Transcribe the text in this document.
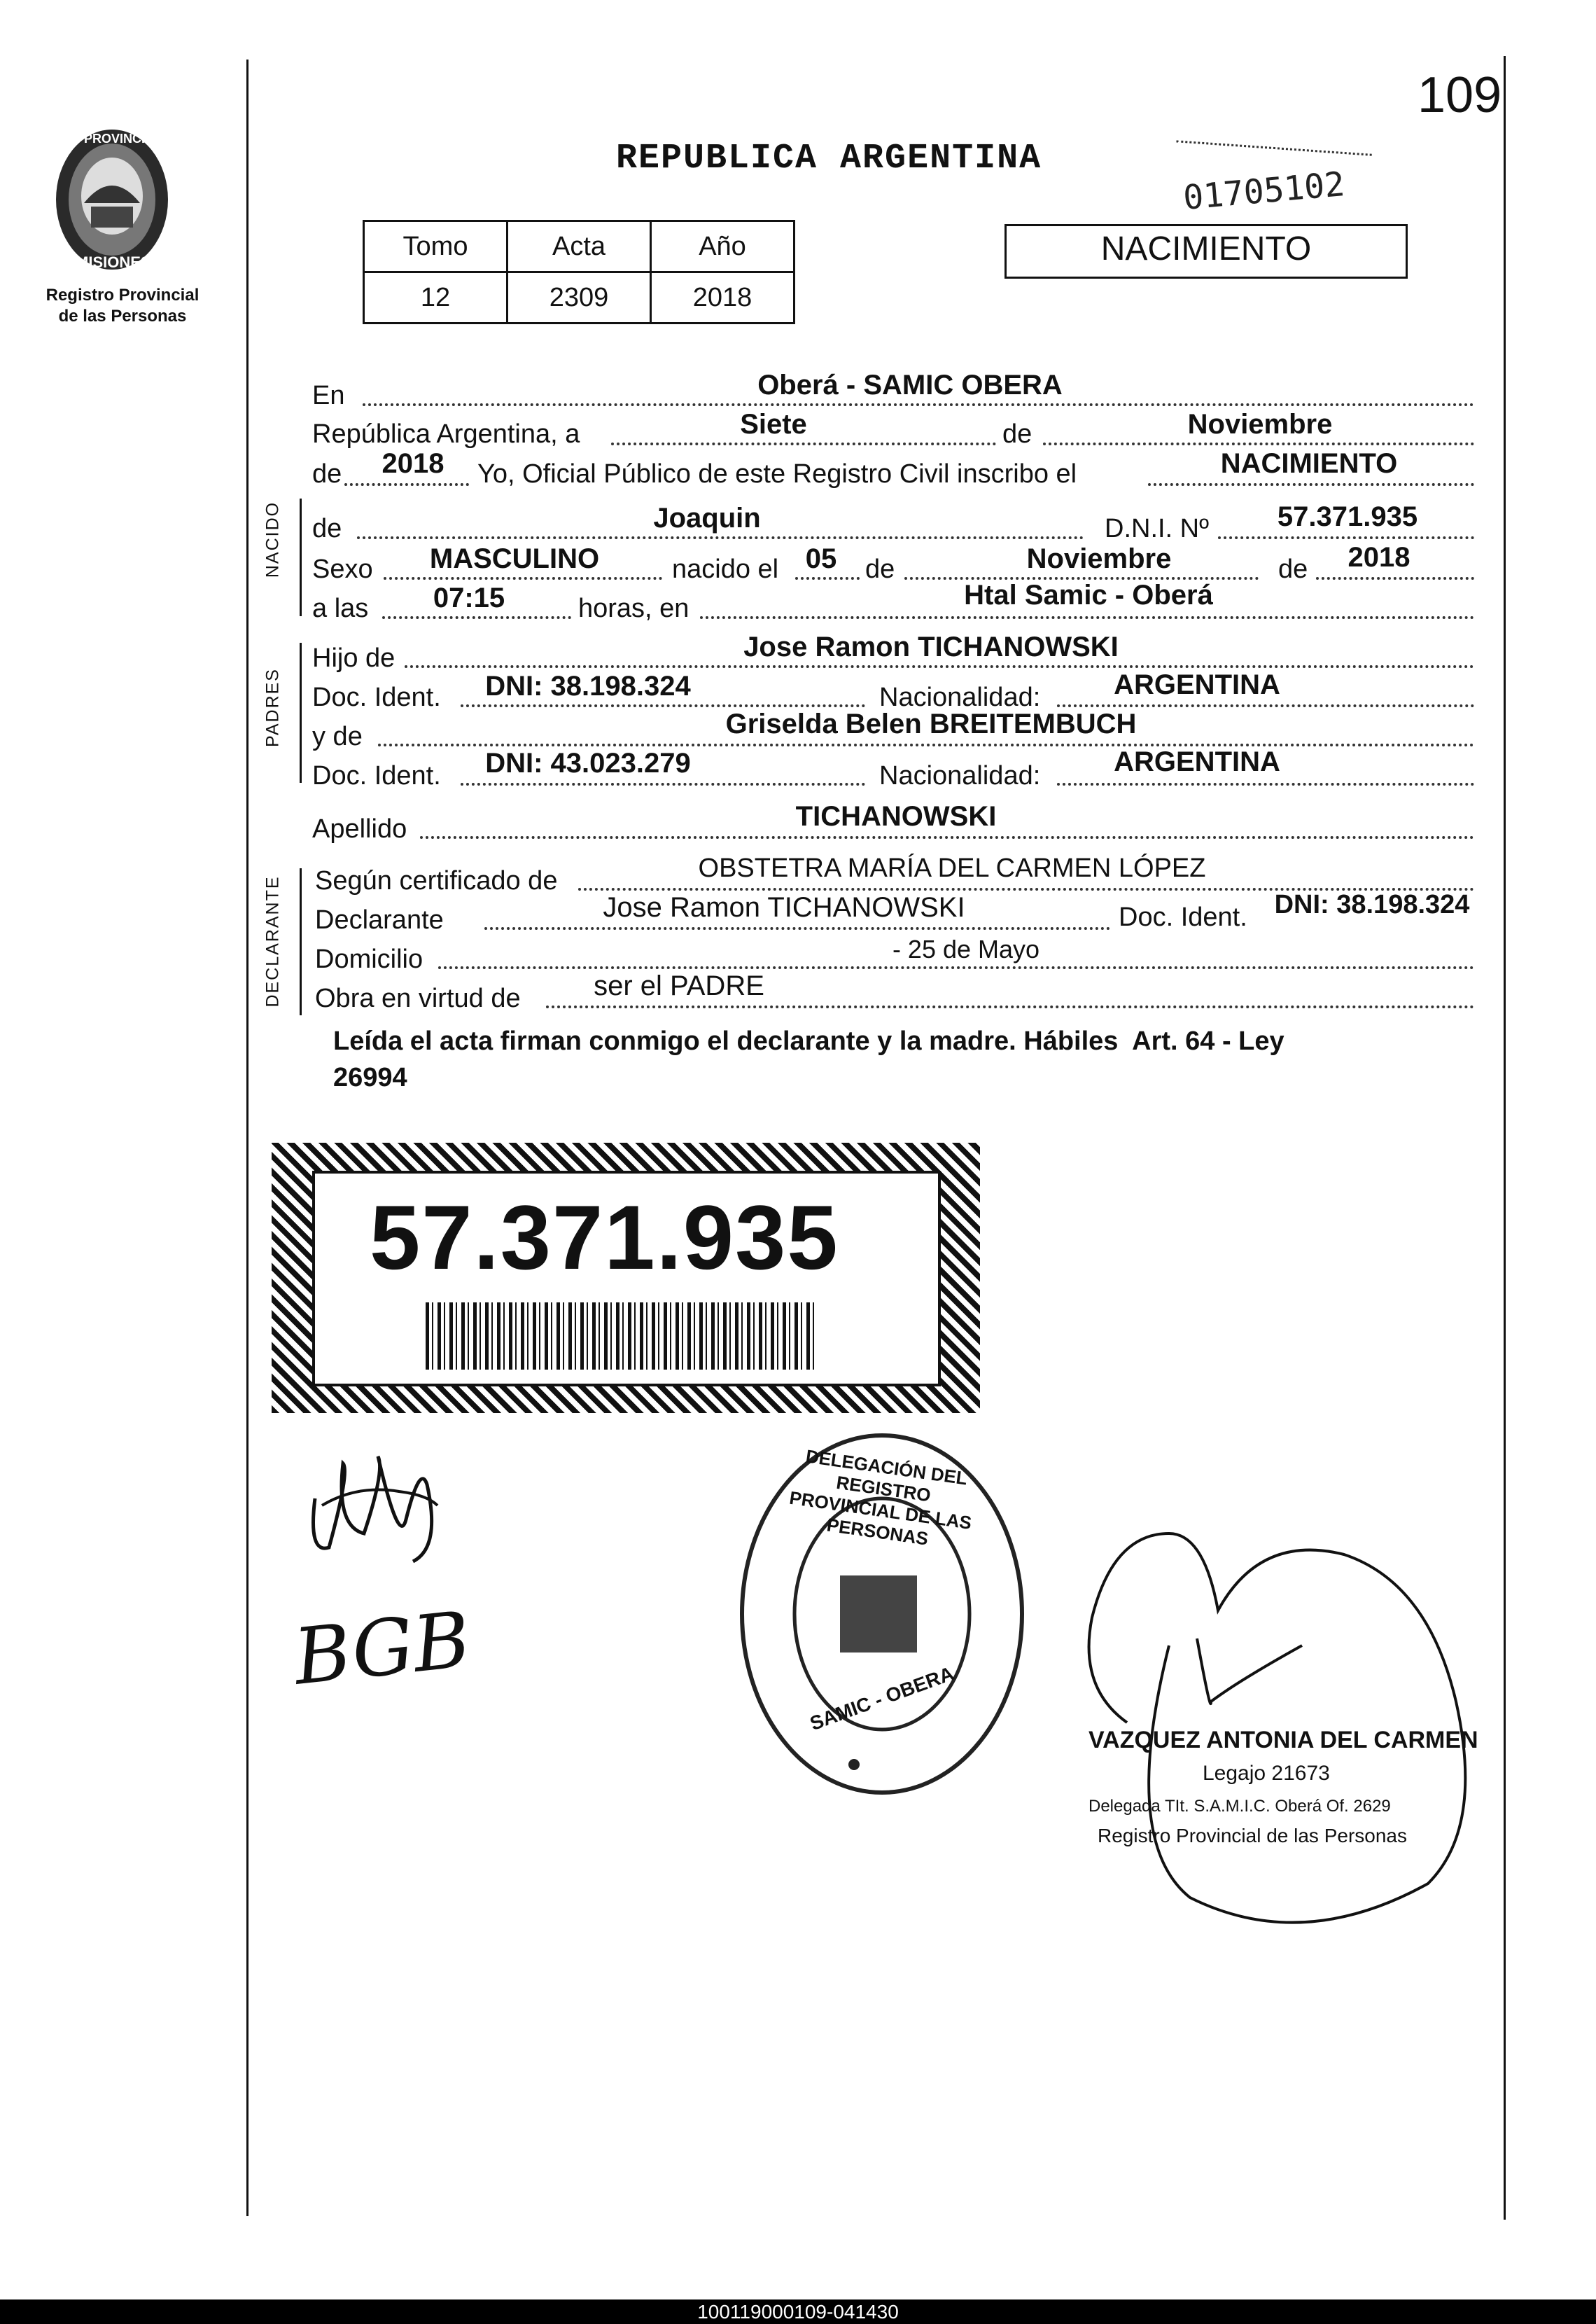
109
PROVINCIA DE
MISIONES
Registro Provincial
de las Personas
REPUBLICA ARGENTINA
01705102
NACIMIENTO
Tomo	Acta	Año
12	2309	2018
En	Oberá - SAMIC OBERA
República Argentina, a	Siete	de	Noviembre
de	2018	Yo, Oficial Público de este Registro Civil inscribo el	NACIMIENTO
NACIDO de	Joaquin	D.N.I. Nº	57.371.935
Sexo	MASCULINO	nacido el 05	de	Noviembre	de	2018
a las	07:15	horas, en	Htal Samic - Oberá
PADRES
Hijo de	Jose Ramon TICHANOWSKI
Doc. Ident.	DNI: 38.198.324	Nacionalidad:	ARGENTINA
y de	Griselda Belen BREITEMBUCH
Doc. Ident.	DNI: 43.023.279	Nacionalidad:	ARGENTINA
Apellido	TICHANOWSKI
DECLARANTE Según certificado de	OBSTETRA MARÍA DEL CARMEN LÓPEZ
Declarante	Jose Ramon TICHANOWSKI	Doc. Ident. DNI: 38.198.324
Domicilio	- 25 de Mayo
Obra en virtud de	ser el PADRE
Leída el acta firman conmigo el declarante y la madre. Hábiles  Art. 64 - Ley
26994
57.371.935
BGB
DELEGACIÓN DEL REGISTRO PROVINCIAL DE LAS PERSONAS
SAMIC - OBERA
VAZQUEZ ANTONIA DEL CARMEN
Legajo 21673
Delegada TIt. S.A.M.I.C. Oberá Of. 2629
Registro Provincial de las Personas
100119000109-041430
